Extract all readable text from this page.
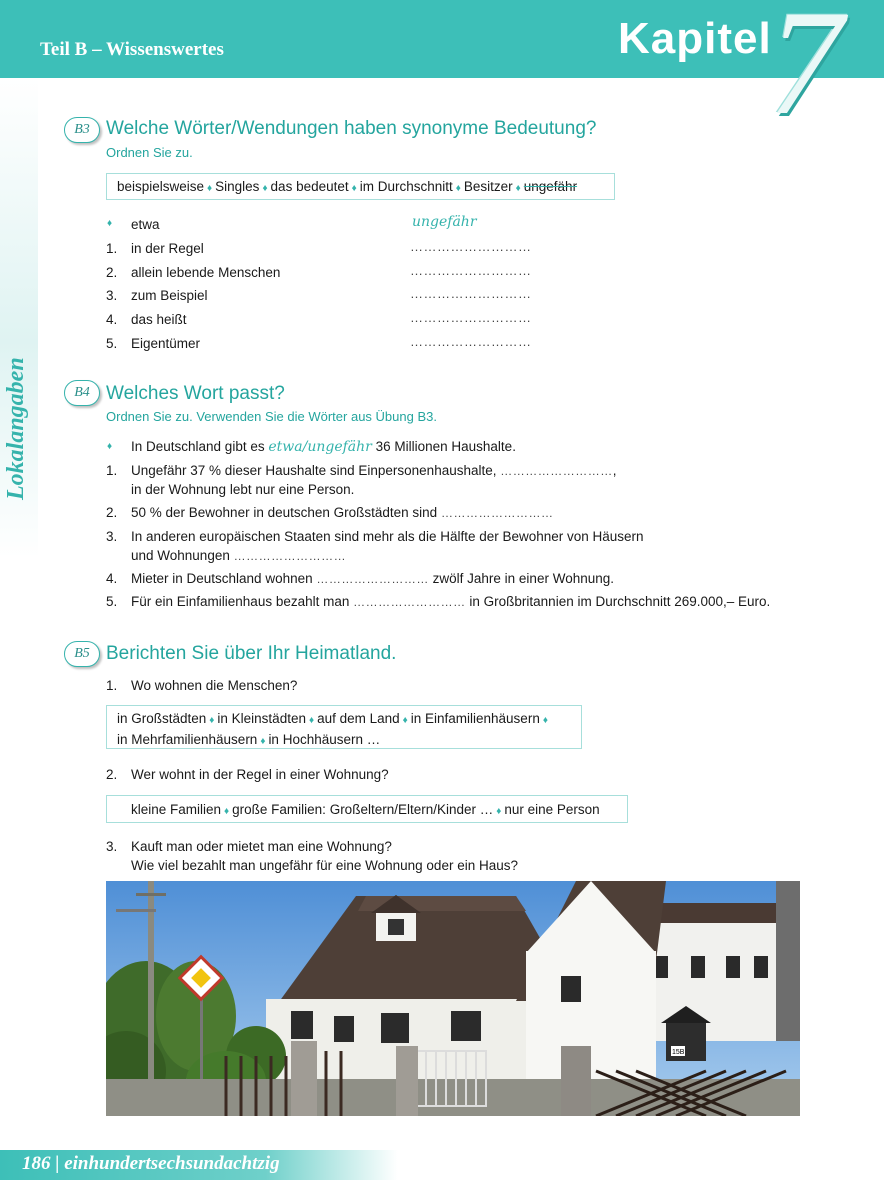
Teil B – Wissenswertes	Kapitel
7
Lokalangaben
B3 Welche Wörter/Wendungen haben synonyme Bedeutung?
Ordnen Sie zu.
beispielsweise ♦ Singles ♦ das bedeutet ♦ im Durchschnitt ♦ Besitzer ♦ ungefähr
♦ etwa	ungefähr
1.	in der Regel	………………………
2.	allein lebende Menschen	………………………
3.	zum Beispiel	………………………
4.	das heißt	………………………
5.	Eigentümer	………………………
B4 Welches Wort passt?
Ordnen Sie zu. Verwenden Sie die Wörter aus Übung B3.
♦ In Deutschland gibt es etwa/ungefähr 36 Millionen Haushalte.
1.	Ungefähr 37 % dieser Haushalte sind Einpersonenhaushalte, ………………………,
in der Wohnung lebt nur eine Person.
2.	50 % der Bewohner in deutschen Großstädten sind ………………………
3.	In anderen europäischen Staaten sind mehr als die Hälfte der Bewohner von Häusern
und Wohnungen ………………………
4.	Mieter in Deutschland wohnen ……………………… zwölf Jahre in einer Wohnung.
5.	Für ein Einfamilienhaus bezahlt man ……………………… in Großbritannien im Durchschnitt 269.000,– Euro.
B5 Berichten Sie über Ihr Heimatland.
1.	Wo wohnen die Menschen?
in Großstädten ♦ in Kleinstädten ♦ auf dem Land ♦ in Einfamilienhäusern ♦
in Mehrfamilienhäusern ♦ in Hochhäusern …
2.	Wer wohnt in der Regel in einer Wohnung?
kleine Familien ♦ große Familien: Großeltern/Eltern/Kinder … ♦ nur eine Person
3.	Kauft man oder mietet man eine Wohnung?
Wie viel bezahlt man ungefähr für eine Wohnung oder ein Haus?
15B
186 | einhundertsechsundachtzig
